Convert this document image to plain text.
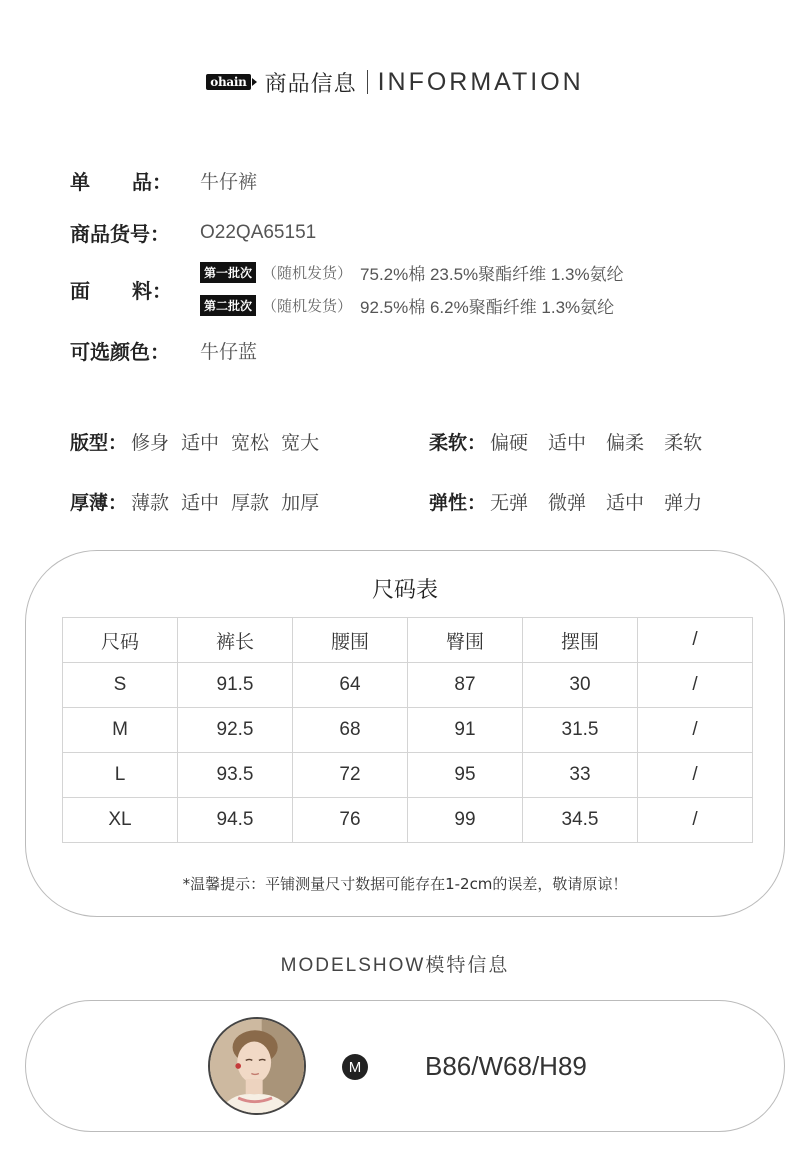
ohain 商品信息 INFORMATION
单 品： 牛仔裤
商品货号：	O22QA65151
面 料：
第一批次 （随机发货） 75.2%棉 23.5%聚酯纤维 1.3%氨纶
第二批次 （随机发货） 92.5%棉 6.2%聚酯纤维 1.3%氨纶
可选颜色：	牛仔蓝
版型： 修身 适中 宽松 宽大	柔软： 偏硬 适中 偏柔 柔软
厚薄： 薄款 适中 厚款 加厚	弹性： 无弹 微弹 适中 弹力
尺码表
尺码	裤长	腰围	臀围	摆围	/
S	91.5	64	87	30	/
M	92.5	68	91	31.5	/
L	93.5	72	95	33	/
XL	94.5	76	99	34.5	/
*温馨提示：平铺测量尺寸数据可能存在1-2cm的误差，敬请原谅！
MODELSHOW模特信息
M B86/W68/H89
